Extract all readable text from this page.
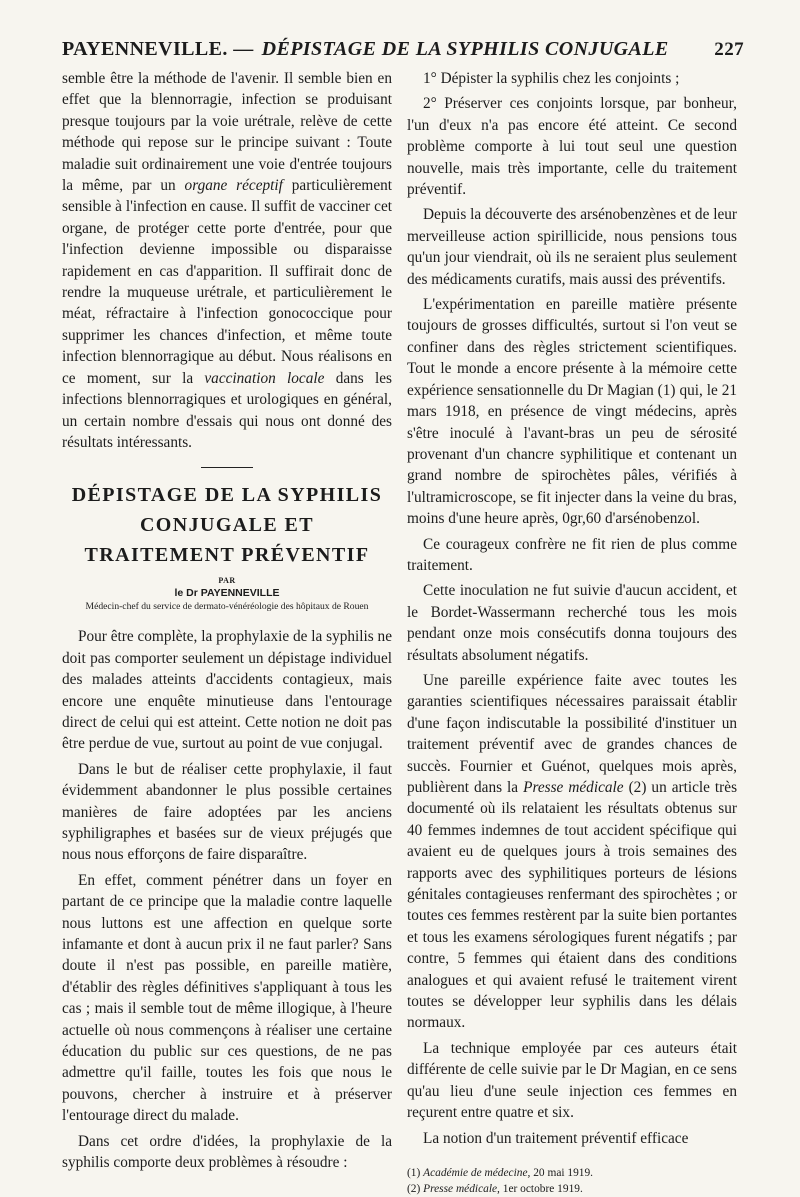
PAYENNEVILLE. — DÉPISTAGE DE LA SYPHILIS CONJUGALE	227

semble être la méthode de l'avenir. Il semble bien en effet que la blennorragie, infection se produisant presque toujours par la voie urétrale, relève de cette méthode qui repose sur le principe suivant : Toute maladie suit ordinairement une voie d'entrée toujours la même, par un organe réceptif particulièrement sensible à l'infection en cause. Il suffit de vacciner cet organe, de protéger cette porte d'entrée, pour que l'infection devienne impossible ou disparaisse rapidement en cas d'apparition. Il suffirait donc de rendre la muqueuse urétrale, et particulièrement le méat, réfractaire à l'infection gonococcique pour supprimer les chances d'infection, et même toute infection blennorragique au début. Nous réalisons en ce moment, sur la vaccination locale dans les infections blennorragiques et urologiques en général, un certain nombre d'essais qui nous ont donné des résultats intéressants.

DÉPISTAGE DE LA SYPHILIS
CONJUGALE ET
TRAITEMENT PRÉVENTIF
PAR
le Dr PAYENNEVILLE
Médecin-chef du service de dermato-vénéréologie des hôpitaux de Rouen

Pour être complète, la prophylaxie de la syphilis ne doit pas comporter seulement un dépistage individuel des malades atteints d'accidents contagieux, mais encore une enquête minutieuse dans l'entourage direct de celui qui est atteint. Cette notion ne doit pas être perdue de vue, surtout au point de vue conjugal.

Dans le but de réaliser cette prophylaxie, il faut évidemment abandonner le plus possible certaines manières de faire adoptées par les anciens syphiligraphes et basées sur de vieux préjugés que nous nous efforçons de faire disparaître.

En effet, comment pénétrer dans un foyer en partant de ce principe que la maladie contre laquelle nous luttons est une affection en quelque sorte infamante et dont à aucun prix il ne faut parler? Sans doute il n'est pas possible, en pareille matière, d'établir des règles définitives s'appliquant à tous les cas ; mais il semble tout de même illogique, à l'heure actuelle où nous commençons à réaliser une certaine éducation du public sur ces questions, de ne pas admettre qu'il faille, toutes les fois que nous le pouvons, chercher à instruire et à préserver l'entourage direct du malade.

Dans cet ordre d'idées, la prophylaxie de la syphilis comporte deux problèmes à résoudre :

1° Dépister la syphilis chez les conjoints ;

2° Préserver ces conjoints lorsque, par bonheur, l'un d'eux n'a pas encore été atteint. Ce second problème comporte à lui tout seul une question nouvelle, mais très importante, celle du traitement préventif.

Depuis la découverte des arsénobenzènes et de leur merveilleuse action spirillicide, nous pensions tous qu'un jour viendrait, où ils ne seraient plus seulement des médicaments curatifs, mais aussi des préventifs.

L'expérimentation en pareille matière présente toujours de grosses difficultés, surtout si l'on veut se confiner dans des règles strictement scientifiques. Tout le monde a encore présente à la mémoire cette expérience sensationnelle du Dr Magian (1) qui, le 21 mars 1918, en présence de vingt médecins, après s'être inoculé à l'avant-bras un peu de sérosité provenant d'un chancre syphilitique et contenant un grand nombre de spirochètes pâles, vérifiés à l'ultramicroscope, se fit injecter dans la veine du bras, moins d'une heure après, 0gr,60 d'arsénobenzol.

Ce courageux confrère ne fit rien de plus comme traitement.

Cette inoculation ne fut suivie d'aucun accident, et le Bordet-Wassermann recherché tous les mois pendant onze mois consécutifs donna toujours des résultats absolument négatifs.

Une pareille expérience faite avec toutes les garanties scientifiques nécessaires paraissait établir d'une façon indiscutable la possibilité d'instituer un traitement préventif avec de grandes chances de succès. Fournier et Guénot, quelques mois après, publièrent dans la Presse médicale (2) un article très documenté où ils relataient les résultats obtenus sur 40 femmes indemnes de tout accident spécifique qui avaient eu de quelques jours à trois semaines des rapports avec des syphilitiques porteurs de lésions génitales contagieuses renfermant des spirochètes ; or toutes ces femmes restèrent par la suite bien portantes et tous les examens sérologiques furent négatifs ; par contre, 5 femmes qui étaient dans des conditions analogues et qui avaient refusé le traitement virent toutes se développer leur syphilis dans les délais normaux.

La technique employée par ces auteurs était différente de celle suivie par le Dr Magian, en ce sens qu'au lieu d'une seule injection ces femmes en reçurent entre quatre et six.

La notion d'un traitement préventif efficace

(1) Académie de médecine, 20 mai 1919.
(2) Presse médicale, 1er octobre 1919.
